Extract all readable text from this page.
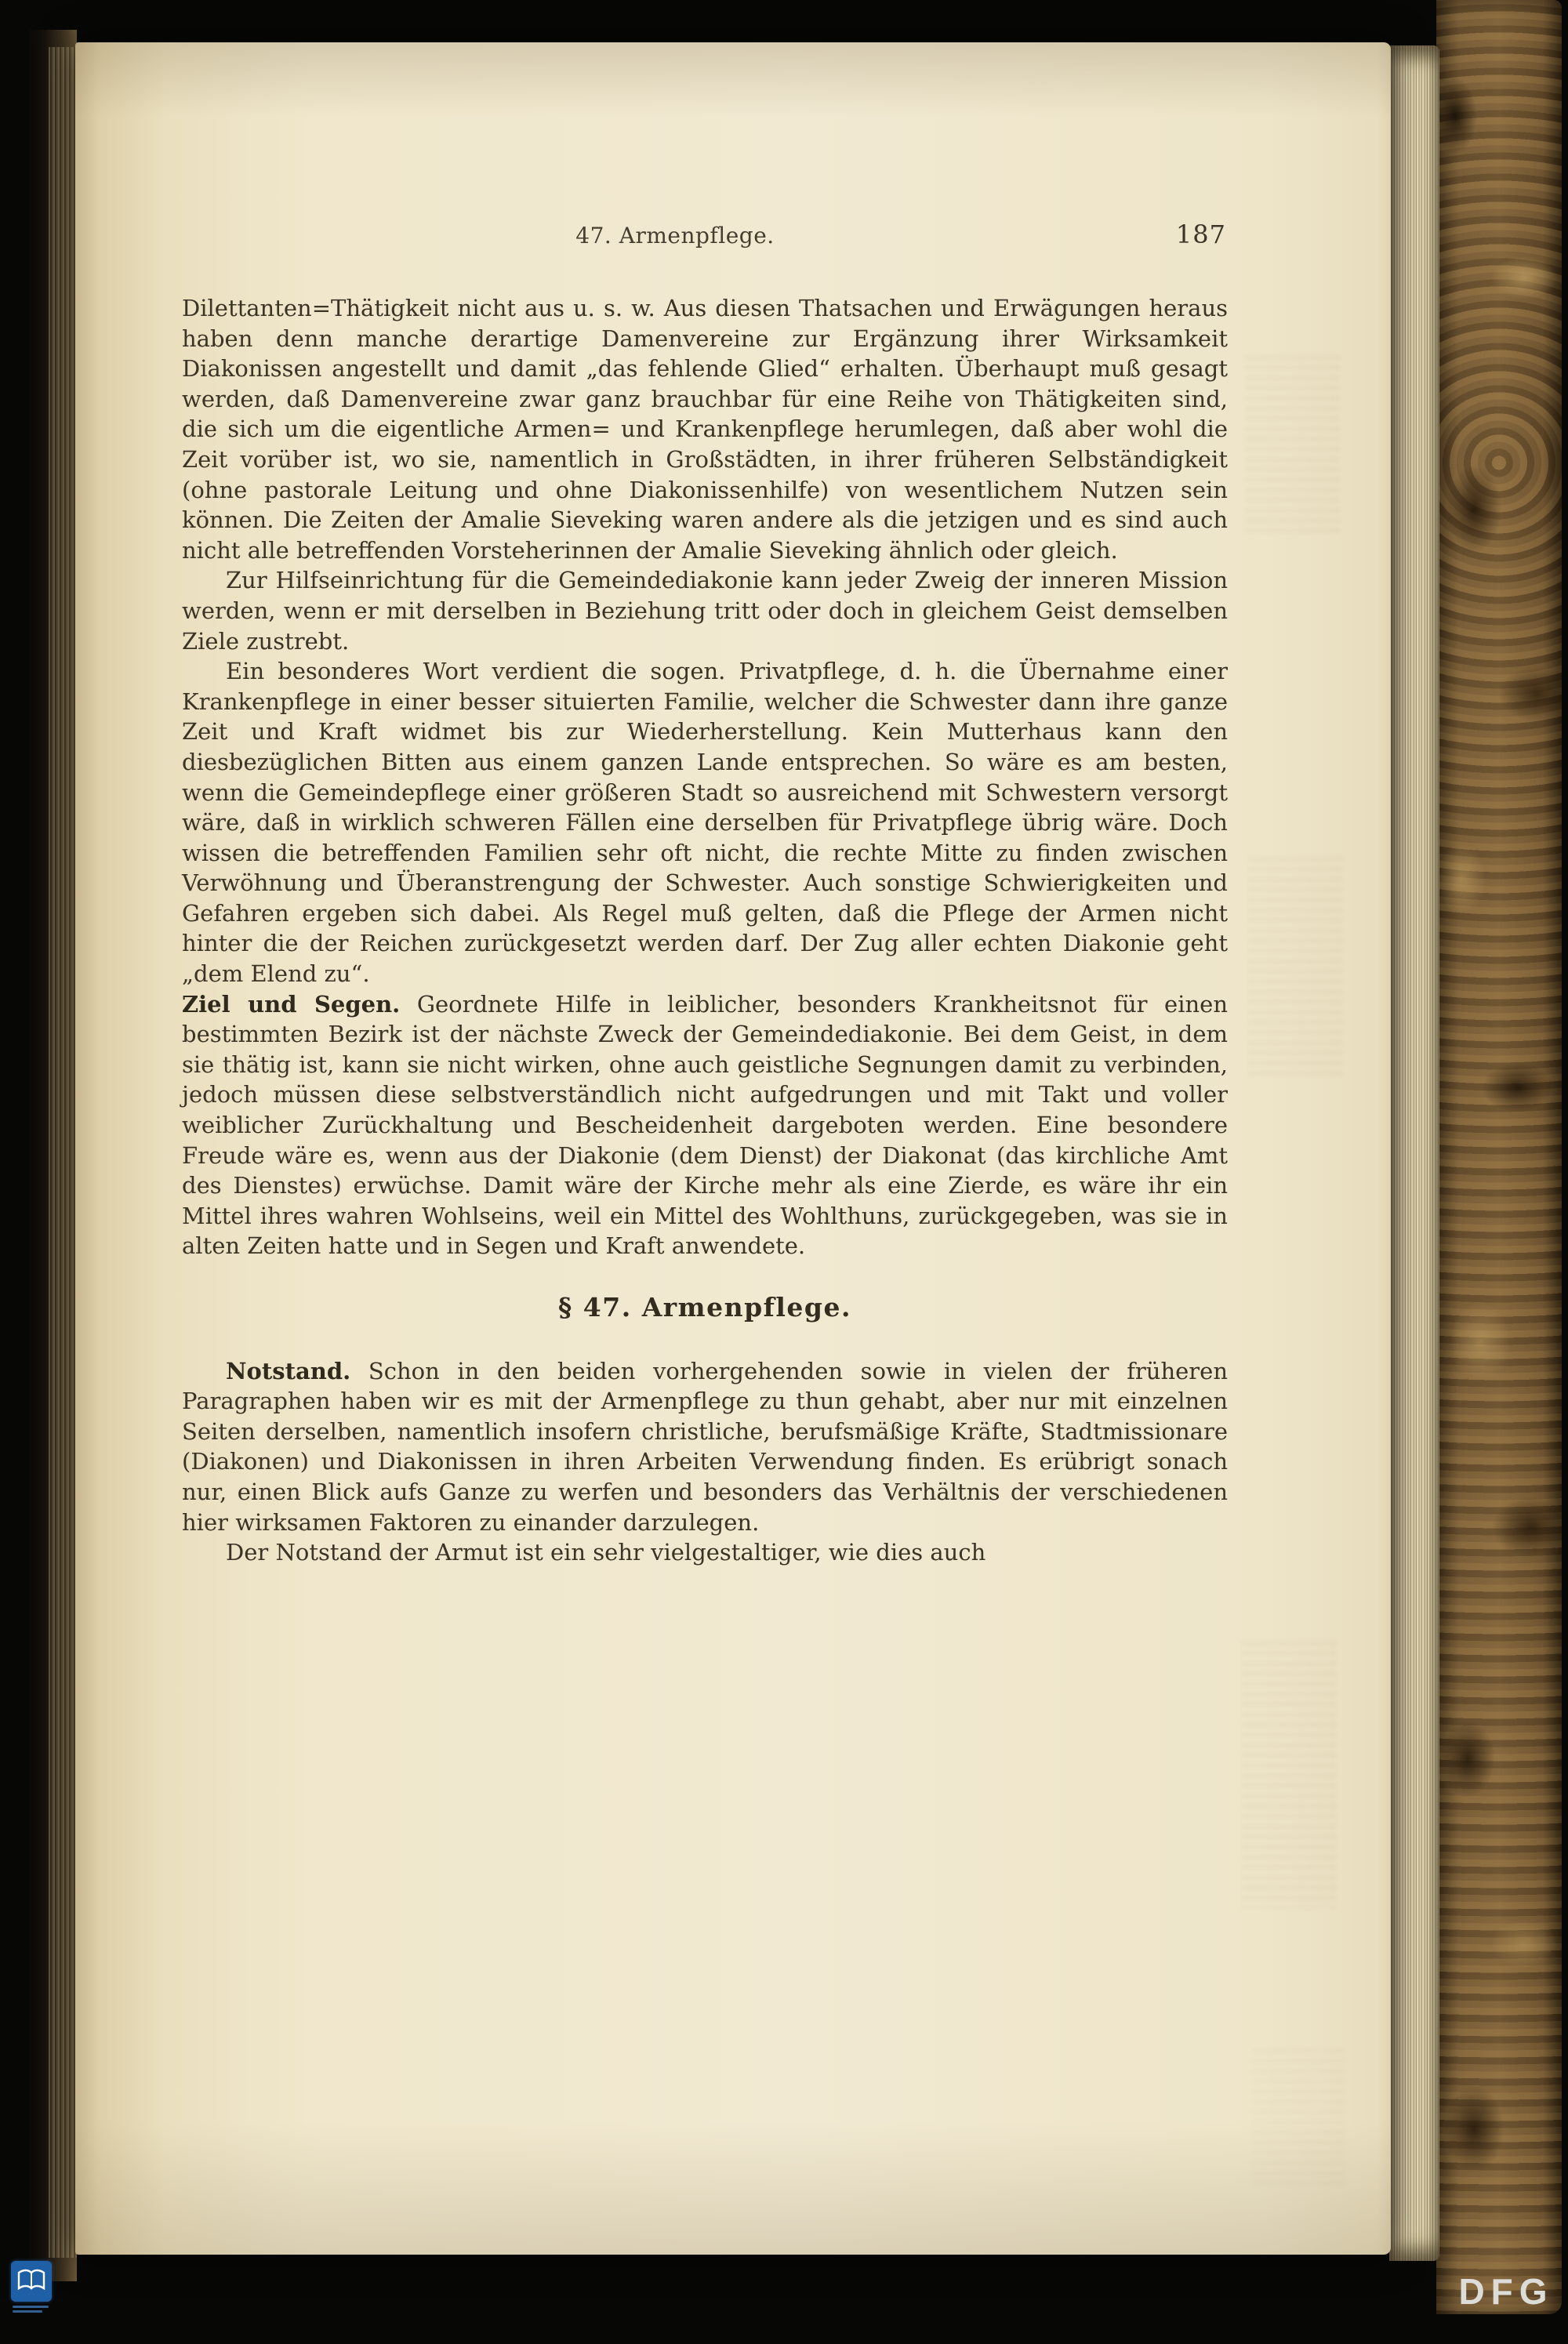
47. Armenpflege.	187

Dilettanten=Thätigkeit nicht aus u. s. w. Aus diesen Thatsachen und Erwägungen heraus haben denn manche derartige Damenvereine zur Ergänzung ihrer Wirksamkeit Diakonissen angestellt und damit „das fehlende Glied“ erhalten. Überhaupt muß gesagt werden, daß Damenvereine zwar ganz brauchbar für eine Reihe von Thätigkeiten sind, die sich um die eigentliche Armen= und Krankenpflege herumlegen, daß aber wohl die Zeit vorüber ist, wo sie, namentlich in Großstädten, in ihrer früheren Selbständigkeit (ohne pastorale Leitung und ohne Diakonissenhilfe) von wesentlichem Nutzen sein können. Die Zeiten der Amalie Sieveking waren andere als die jetzigen und es sind auch nicht alle betreffenden Vorsteherinnen der Amalie Sieveking ähnlich oder gleich.

Zur Hilfseinrichtung für die Gemeindediakonie kann jeder Zweig der inneren Mission werden, wenn er mit derselben in Beziehung tritt oder doch in gleichem Geist demselben Ziele zustrebt.

Ein besonderes Wort verdient die sogen. Privatpflege, d. h. die Übernahme einer Krankenpflege in einer besser situierten Familie, welcher die Schwester dann ihre ganze Zeit und Kraft widmet bis zur Wiederherstellung. Kein Mutterhaus kann den diesbezüglichen Bitten aus einem ganzen Lande entsprechen. So wäre es am besten, wenn die Gemeindepflege einer größeren Stadt so ausreichend mit Schwestern versorgt wäre, daß in wirklich schweren Fällen eine derselben für Privatpflege übrig wäre. Doch wissen die betreffenden Familien sehr oft nicht, die rechte Mitte zu finden zwischen Verwöhnung und Überanstrengung der Schwester. Auch sonstige Schwierigkeiten und Gefahren ergeben sich dabei. Als Regel muß gelten, daß die Pflege der Armen nicht hinter die der Reichen zurückgesetzt werden darf. Der Zug aller echten Diakonie geht „dem Elend zu“.

Ziel und Segen. Geordnete Hilfe in leiblicher, besonders Krankheitsnot für einen bestimmten Bezirk ist der nächste Zweck der Gemeindediakonie. Bei dem Geist, in dem sie thätig ist, kann sie nicht wirken, ohne auch geistliche Segnungen damit zu verbinden, jedoch müssen diese selbstverständlich nicht aufgedrungen und mit Takt und voller weiblicher Zurückhaltung und Bescheidenheit dargeboten werden. Eine besondere Freude wäre es, wenn aus der Diakonie (dem Dienst) der Diakonat (das kirchliche Amt des Dienstes) erwüchse. Damit wäre der Kirche mehr als eine Zierde, es wäre ihr ein Mittel ihres wahren Wohlseins, weil ein Mittel des Wohlthuns, zurückgegeben, was sie in alten Zeiten hatte und in Segen und Kraft anwendete.

§ 47. Armenpflege.

Notstand. Schon in den beiden vorhergehenden sowie in vielen der früheren Paragraphen haben wir es mit der Armenpflege zu thun gehabt, aber nur mit einzelnen Seiten derselben, namentlich insofern christliche, berufsmäßige Kräfte, Stadtmissionare (Diakonen) und Diakonissen in ihren Arbeiten Verwendung finden. Es erübrigt sonach nur, einen Blick aufs Ganze zu werfen und besonders das Verhältnis der verschiedenen hier wirksamen Faktoren zu einander darzulegen.

Der Notstand der Armut ist ein sehr vielgestaltiger, wie dies auch

DFG
